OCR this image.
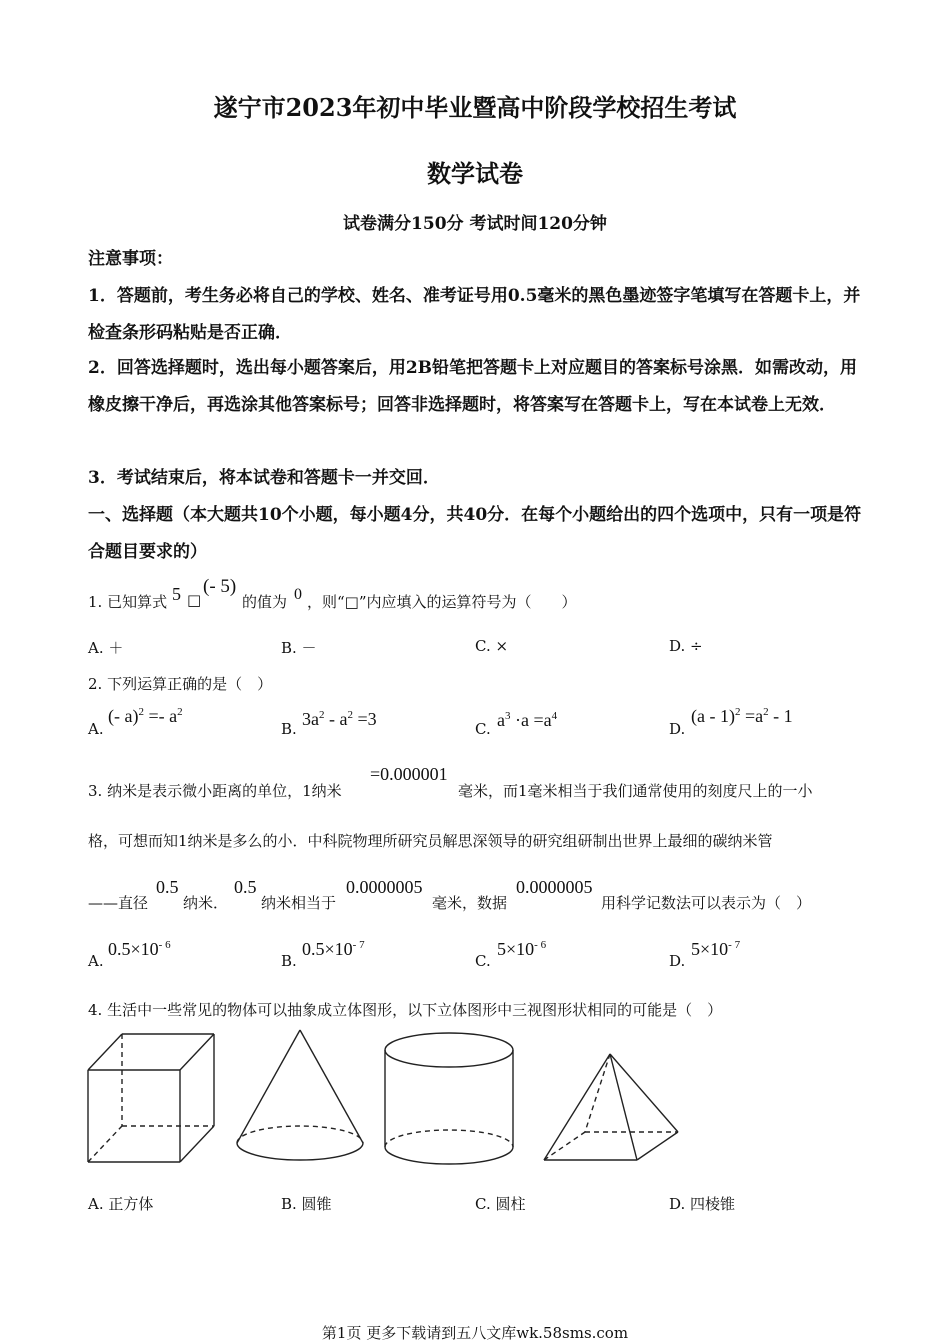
遂宁市2023年初中毕业暨高中阶段学校招生考试
数学试卷
试卷满分150分 考试时间120分钟
注意事项：
1．答题前，考生务必将自己的学校、姓名、准考证号用0.5毫米的黑色墨迹签字笔填写在答题卡上，并检查条形码粘贴是否正确．
2．回答选择题时，选出每小题答案后，用2B铅笔把答题卡上对应题目的答案标号涂黑．如需改动，用橡皮擦干净后，再选涂其他答案标号；回答非选择题时，将答案写在答题卡上，写在本试卷上无效．
3．考试结束后，将本试卷和答题卡一并交回．
一、选择题（本大题共10个小题，每小题4分，共40分．在每个小题给出的四个选项中，只有一项是符合题目要求的）
1. 已知算式 5 □
(- 5)
的值为 0 ，则“□”内应填入的运算符号为（　　）
A. ＋	B. －	C. ×	D. ÷
2. 下列运算正确的是（　）
A.
(- $a)^2 =- a^2$
B. $3a^2 - a^2 =3$	C. $a^3 \cdot a =a^4$
D.
$(a - 1)^2 =a^2 - 1$
3. 纳米是表示微小距离的单位，1纳米
=0.000001
毫米，而1毫米相当于我们通常使用的刻度尺上的一小
格，可想而知1纳米是多么的小．中科院物理所研究员解思深领导的研究组研制出世界上最细的碳纳米管
——直径
0.5
纳米．
0.5
纳米相当于
0.0000005
毫米，数据
0.0000005
用科学记数法可以表示为（　）
A.
$0.5\times 10^{- 6}$
B.
$0.5\times 10^{- 7}$
C.
$5\times 10^{- 6}$
D.
$5\times 10^{- 7}$
4. 生活中一些常见的物体可以抽象成立体图形，以下立体图形中三视图形状相同的可能是（　）
A. 正方体	B. 圆锥	C. 圆柱	D. 四棱锥
第1页 更多下载请到五八文库wk.58sms.com
